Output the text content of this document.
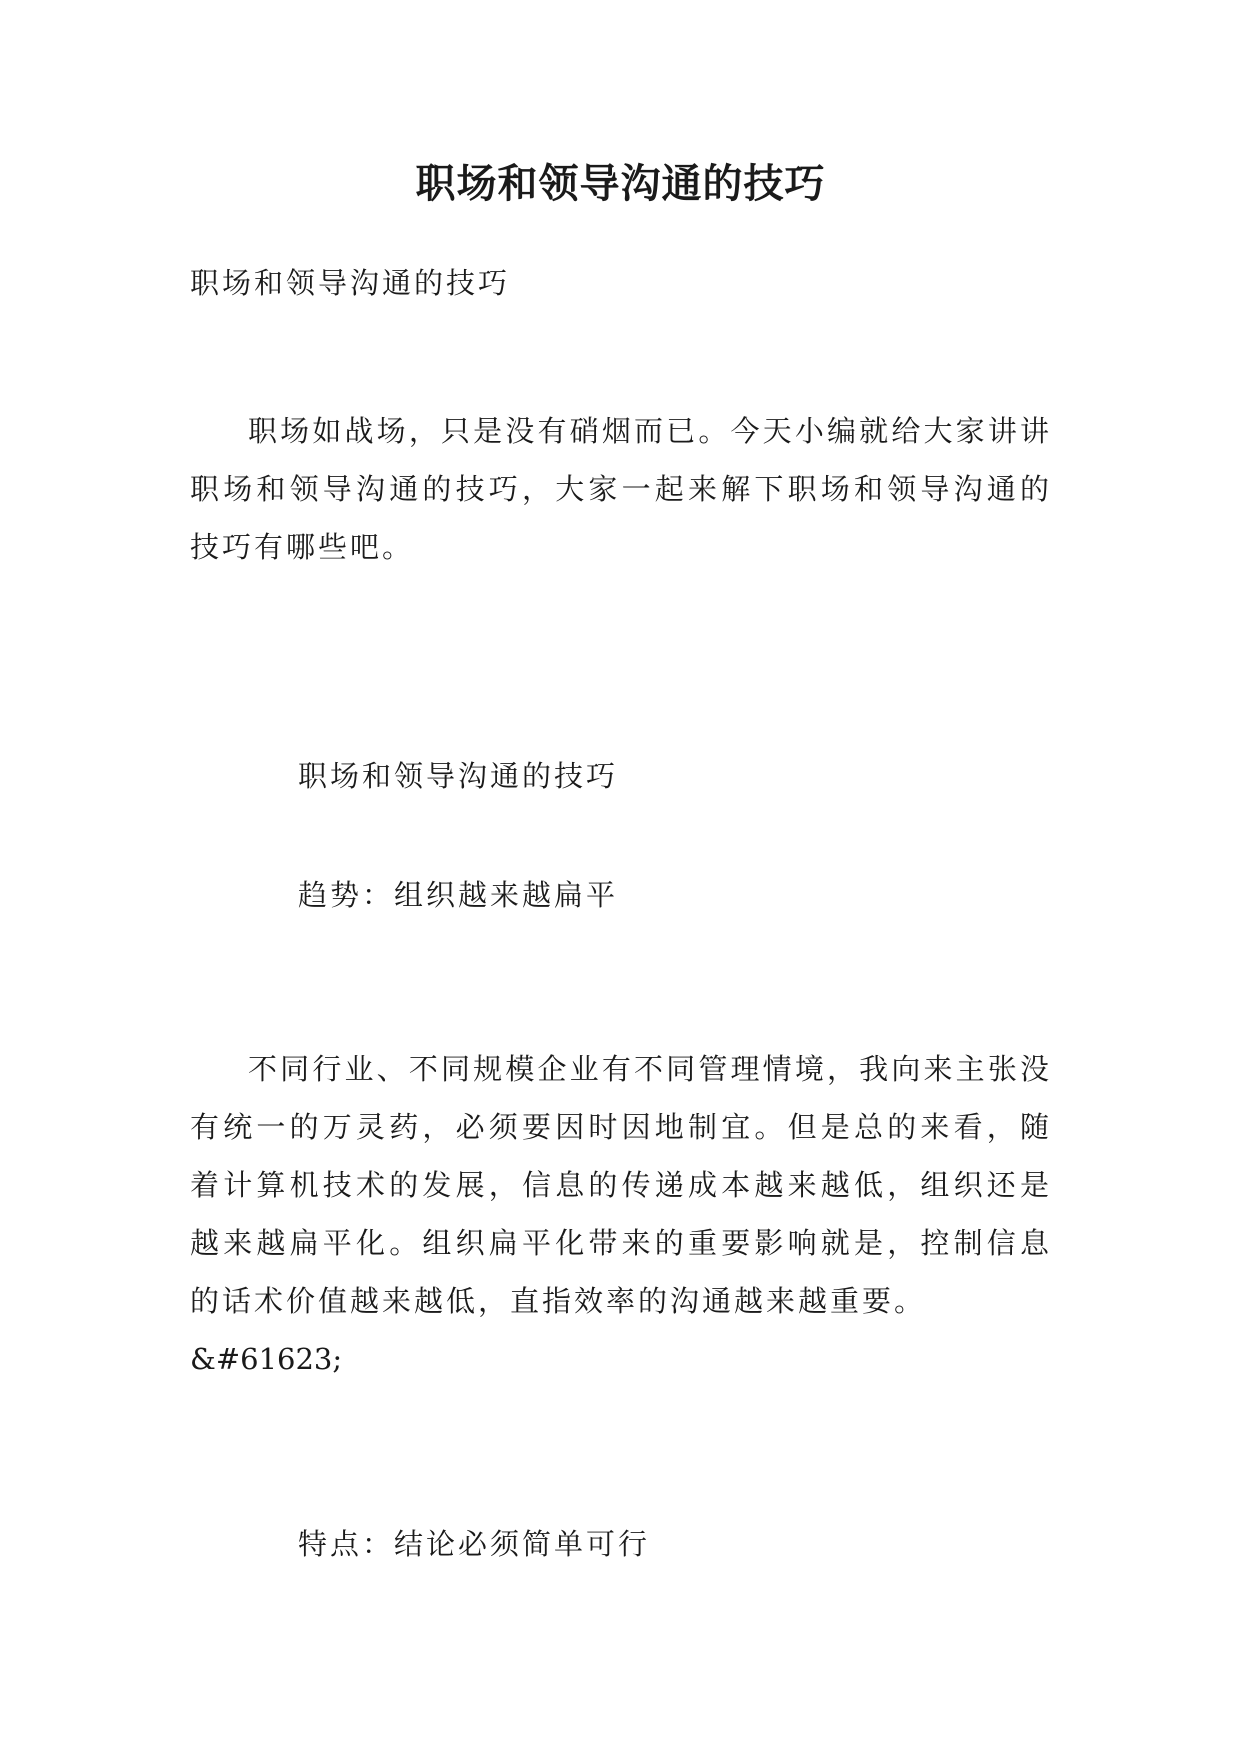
职场和领导沟通的技巧

职场和领导沟通的技巧

职场如战场，只是没有硝烟而已。今天小编就给大家讲讲职场和领导沟通的技巧，大家一起来解下职场和领导沟通的技巧有哪些吧。

职场和领导沟通的技巧

趋势：组织越来越扁平

不同行业、不同规模企业有不同管理情境，我向来主张没有统一的万灵药，必须要因时因地制宜。但是总的来看，随着计算机技术的发展，信息的传递成本越来越低，组织还是越来越扁平化。组织扁平化带来的重要影响就是，控制信息的话术价值越来越低，直指效率的沟通越来越重要。

&#61623;

特点：结论必须简单可行
